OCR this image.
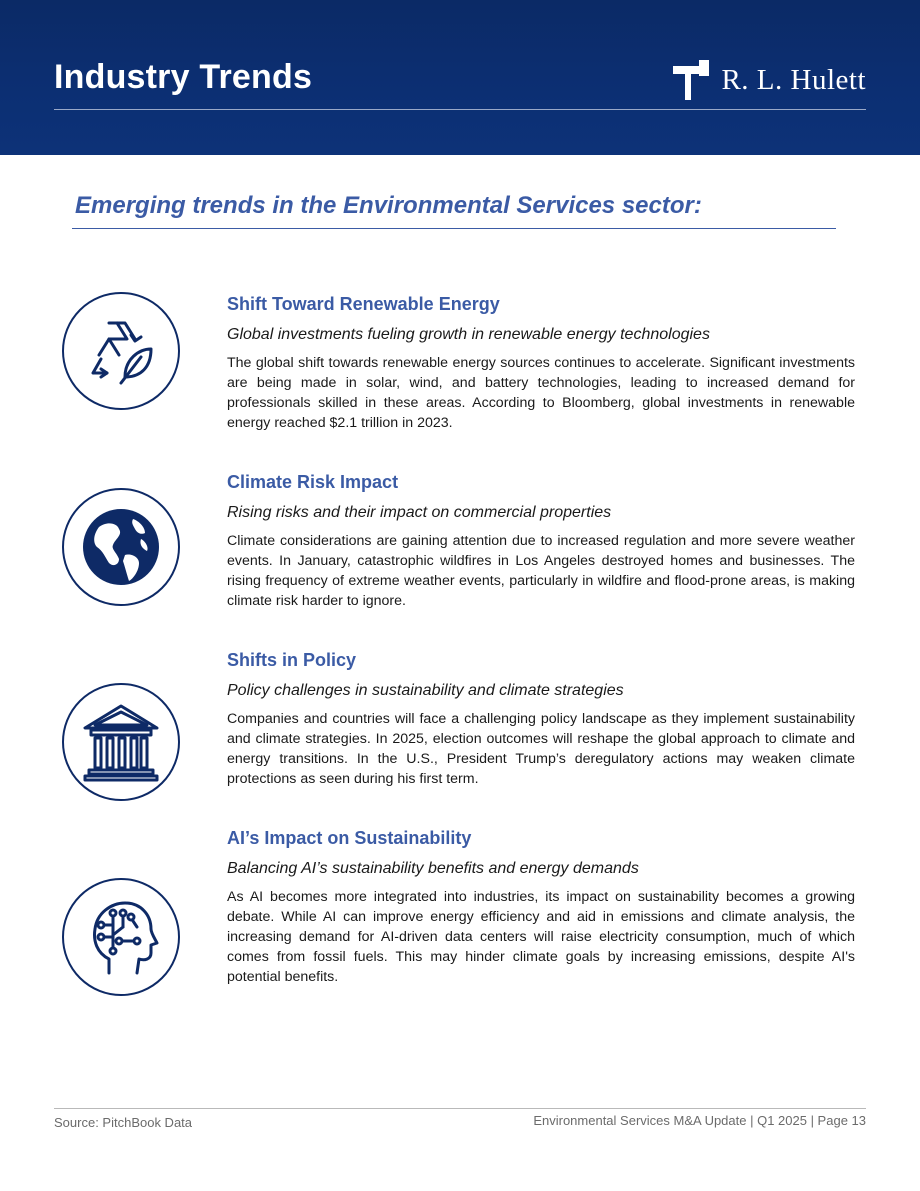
Industry Trends	R. L. Hulett
Emerging trends in the Environmental Services sector:
Shift Toward Renewable Energy
Global investments fueling growth in renewable energy technologies
The global shift towards renewable energy sources continues to accelerate. Significant investments are being made in solar, wind, and battery technologies, leading to increased demand for professionals skilled in these areas. According to Bloomberg, global investments in renewable energy reached $2.1 trillion in 2023.
Climate Risk Impact
Rising risks and their impact on commercial properties
Climate considerations are gaining attention due to increased regulation and more severe weather events. In January, catastrophic wildfires in Los Angeles destroyed homes and businesses. The rising frequency of extreme weather events, particularly in wildfire and flood-prone areas, is making climate risk harder to ignore.
Shifts in Policy
Policy challenges in sustainability and climate strategies
Companies and countries will face a challenging policy landscape as they implement sustainability and climate strategies. In 2025, election outcomes will reshape the global approach to climate and energy transitions. In the U.S., President Trump’s deregulatory actions may weaken climate protections as seen during his first term.
AI’s Impact on Sustainability
Balancing AI’s sustainability benefits and energy demands
As AI becomes more integrated into industries, its impact on sustainability becomes a growing debate. While AI can improve energy efficiency and aid in emissions and climate analysis, the increasing demand for AI-driven data centers will raise electricity consumption, much of which comes from fossil fuels. This may hinder climate goals by increasing emissions, despite AI's potential benefits.
Source: PitchBook Data	Environmental Services M&A Update | Q1 2025 | Page 13
